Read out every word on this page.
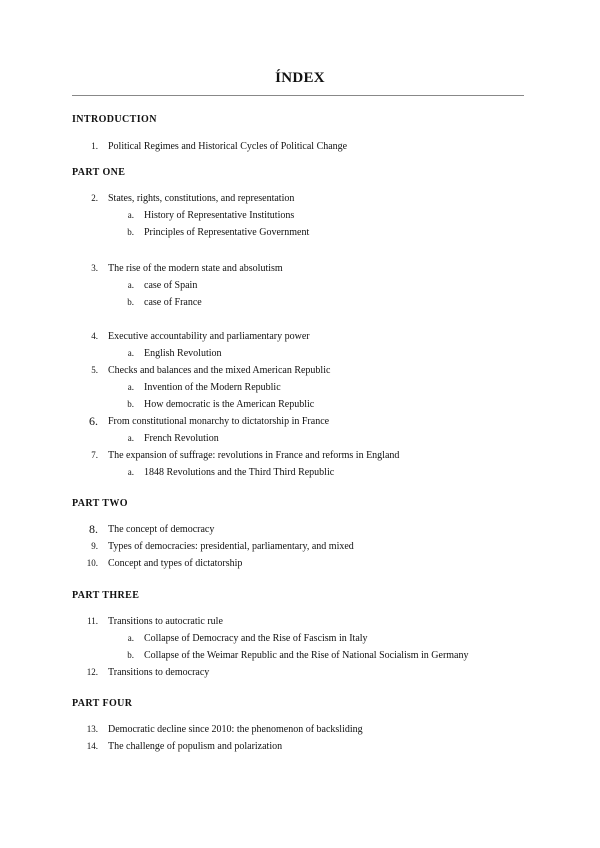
ÍNDEX
INTRODUCTION
1. Political Regimes and Historical Cycles of Political Change
PART ONE
2. States, rights, constitutions, and representation
a. History of Representative Institutions
b. Principles of Representative Government
3. The rise of the modern state and absolutism
a. case of Spain
b. case of France
4. Executive accountability and parliamentary power
a. English Revolution
5. Checks and balances and the mixed American Republic
a. Invention of the Modern Republic
b. How democratic is the American Republic
6. From constitutional monarchy to dictatorship in France
a. French Revolution
7. The expansion of suffrage: revolutions in France and reforms in England
a. 1848 Revolutions and the Third Third Republic
PART TWO
8. The concept of democracy
9. Types of democracies: presidential, parliamentary, and mixed
10. Concept and types of dictatorship
PART THREE
11. Transitions to autocratic rule
a. Collapse of Democracy and the Rise of Fascism in Italy
b. Collapse of the Weimar Republic and the Rise of National Socialism in Germany
12. Transitions to democracy
PART FOUR
13. Democratic decline since 2010: the phenomenon of backsliding
14. The challenge of populism and polarization
